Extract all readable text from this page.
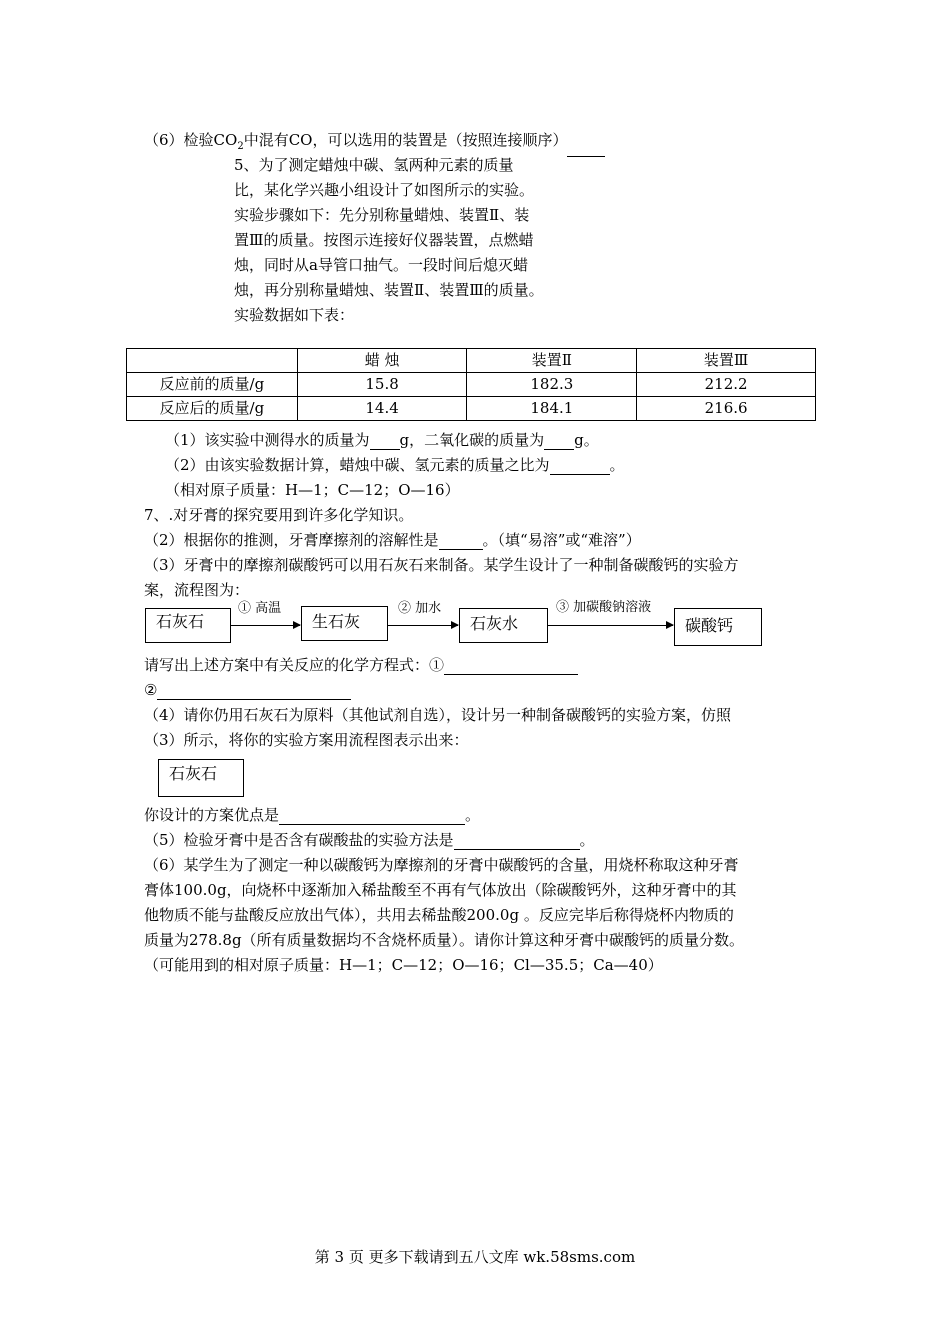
（6）检验$CO_2$中混有CO，可以选用的装置是（按照连接顺序）
5、为了测定蜡烛中碳、氢两种元素的质量
比，某化学兴趣小组设计了如图所示的实验。
实验步骤如下：先分别称量蜡烛、装置Ⅱ、装
置Ⅲ的质量。按图示连接好仪器装置，点燃蜡
烛，同时从a导管口抽气。一段时间后熄灭蜡
烛，再分别称量蜡烛、装置Ⅱ、装置Ⅲ的质量。
实验数据如下表：
	蜡 烛	装置Ⅱ	装置Ⅲ
反应前的质量/g	15.8	182.3	212.2
反应后的质量/g	14.4	184.1	216.6
（1）该实验中测得水的质量为 g，二氧化碳的质量为 g。
（2）由该实验数据计算，蜡烛中碳、氢元素的质量之比为	。
（相对原子质量：H—1；C—12；O—16）
7、.对牙膏的探究要用到许多化学知识。
（2）根据你的推测，牙膏摩擦剂的溶解性是	。（填“易溶”或“难溶”）
（3）牙膏中的摩擦剂碳酸钙可以用石灰石来制备。某学生设计了一种制备碳酸钙的实验方
案，流程图为：
石灰石
① 高温
生石灰
② 加水
石灰水
③ 加碳酸钠溶液
碳酸钙
请写出上述方案中有关反应的化学方程式：①
②
（4）请你仍用石灰石为原料（其他试剂自选），设计另一种制备碳酸钙的实验方案，仿照
（3）所示，将你的实验方案用流程图表示出来：
石灰石
你设计的方案优点是	。
（5）检验牙膏中是否含有碳酸盐的实验方法是	。
（6）某学生为了测定一种以碳酸钙为摩擦剂的牙膏中碳酸钙的含量，用烧杯称取这种牙膏
膏体100.0g，向烧杯中逐渐加入稀盐酸至不再有气体放出（除碳酸钙外，这种牙膏中的其
他物质不能与盐酸反应放出气体），共用去稀盐酸200.0g 。反应完毕后称得烧杯内物质的
质量为278.8g（所有质量数据均不含烧杯质量）。请你计算这种牙膏中碳酸钙的质量分数。
（可能用到的相对原子质量：H—1；C—12；O—16；Cl—35.5；Ca—40）
第 3 页 更多下载请到五八文库 wk.58sms.com
